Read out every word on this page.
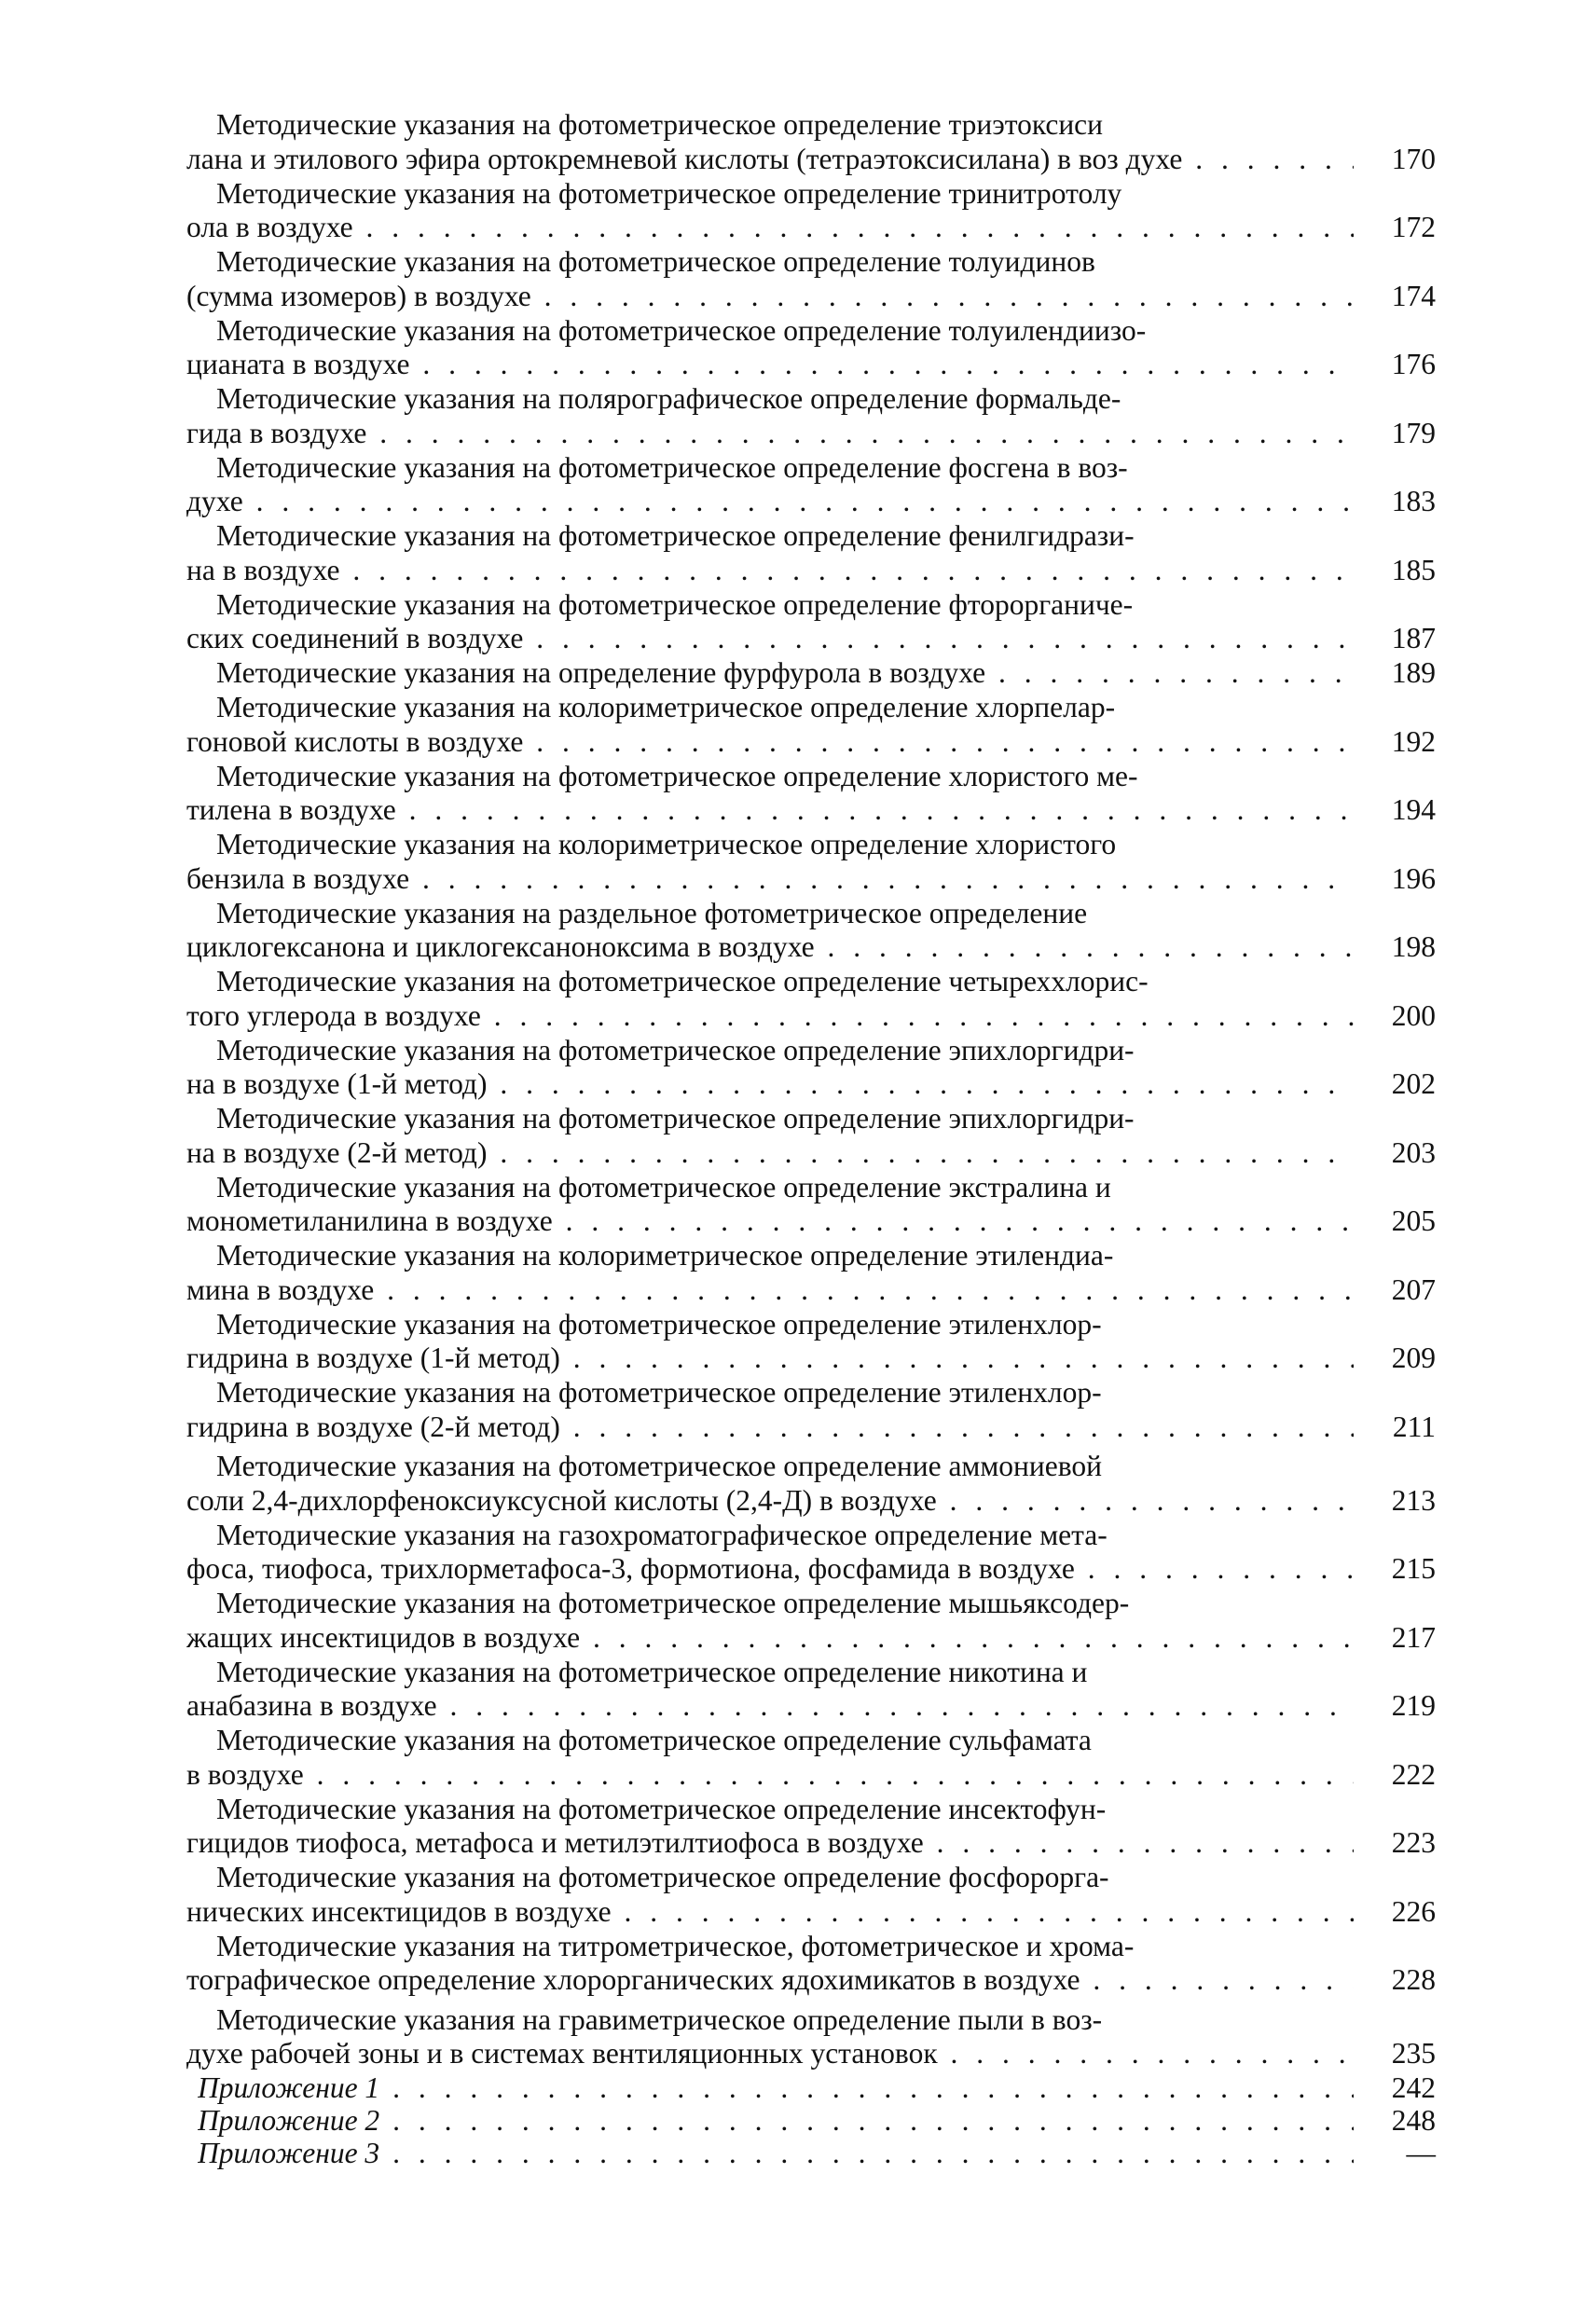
Методические указания на фотометрическое определение триэтоксиси
лана и этилового эфира ортокремневой кислоты (тетраэтоксисилана) в воз духе . . .	170
Методические указания на фотометрическое определение тринитротолу
ола в воздухе . . .	172
Методические указания на фотометрическое определение толуидинов
(суммa изомеров) в воздухе . . .	174
Методические указания на фотометрическое определение толуилендиизо-
цианата в воздухе . . .	176
Методические указания на полярографическое определение формальде-
гида в воздухе . . .	179
Методические указания на фотометрическое определение фосгена в воз-
духе . . .	183
Методические указания на фотометрическое определение фенилгидрази-
на в воздухе . . .	185
Методические указания на фотометрическое определение фторорганиче-
ских соединений в воздухе . . .	187
Методические указания на определение фурфурола в воздухе . . .	189
Методические указания на колориметрическое определение хлорпелар-
гоновой кислоты в воздухе . . .	192
Методические указания на фотометрическое определение хлористого ме-
тилена в воздухе . . .	194
Методические указания на колориметрическое определение хлористого
бензила в воздухе . . .	196
Методические указания на раздельное фотометрическое определение
циклогексанона и циклогексаноноксима в воздухе . . .	198
Методические указания на фотометрическое определение четыреххлорис-
того углерода в воздухе . . .	200
Методические указания на фотометрическое определение эпихлоргидри-
на в воздухе (1-й метод) . . .	202
Методические указания на фотометрическое определение эпихлоргидри-
на в воздухе (2-й метод) . . .	203
Методические указания на фотометрическое определение экстралина и
монометиланилина в воздухе . . .	205
Методические указания на колориметрическое определение этилендиа-
мина в воздухе . . .	207
Методические указания на фотометрическое определение этиленхлор-
гидрина в воздухе (1-й метод) . . .	209
Методические указания на фотометрическое определение этиленхлор-
гидрина в воздухе (2-й метод) . . .	211
Методические указания на фотометрическое определение аммониевой
соли 2,4-дихлорфеноксиуксусной кислоты (2,4-Д) в воздухе . . .	213
Методические указания на газохроматографическое определение мета-
фоса, тиофоса, трихлорметафоса-3, формотиона, фосфамида в воздухе . . .	215
Методические указания на фотометрическое определение мышьяксодер-
жащих инсектицидов в воздухе . . .	217
Методические указания на фотометрическое определение никотина и
анабазина в воздухе . . .	219
Методические указания на фотометрическое определение сульфамата
в воздухе . . .	222
Методические указания на фотометрическое определение инсектофун-
гицидов тиофоса, метафоса и метилэтилтиофоса в воздухе . . .	223
Методические указания на фотометрическое определение фосфорорга-
нических инсектицидов в воздухе . . .	226
Методические указания на титрометрическое, фотометрическое и хрома-
тографическое определение хлорорганических ядохимикатов в воздухе . . .	228
Методические указания на гравиметрическое определение пыли в воз-
духе рабочей зоны и в системах вентиляционных установок . . .	235
Приложение 1 . . .	242
Приложение 2 . . .	248
Приложение 3 . . .	—
